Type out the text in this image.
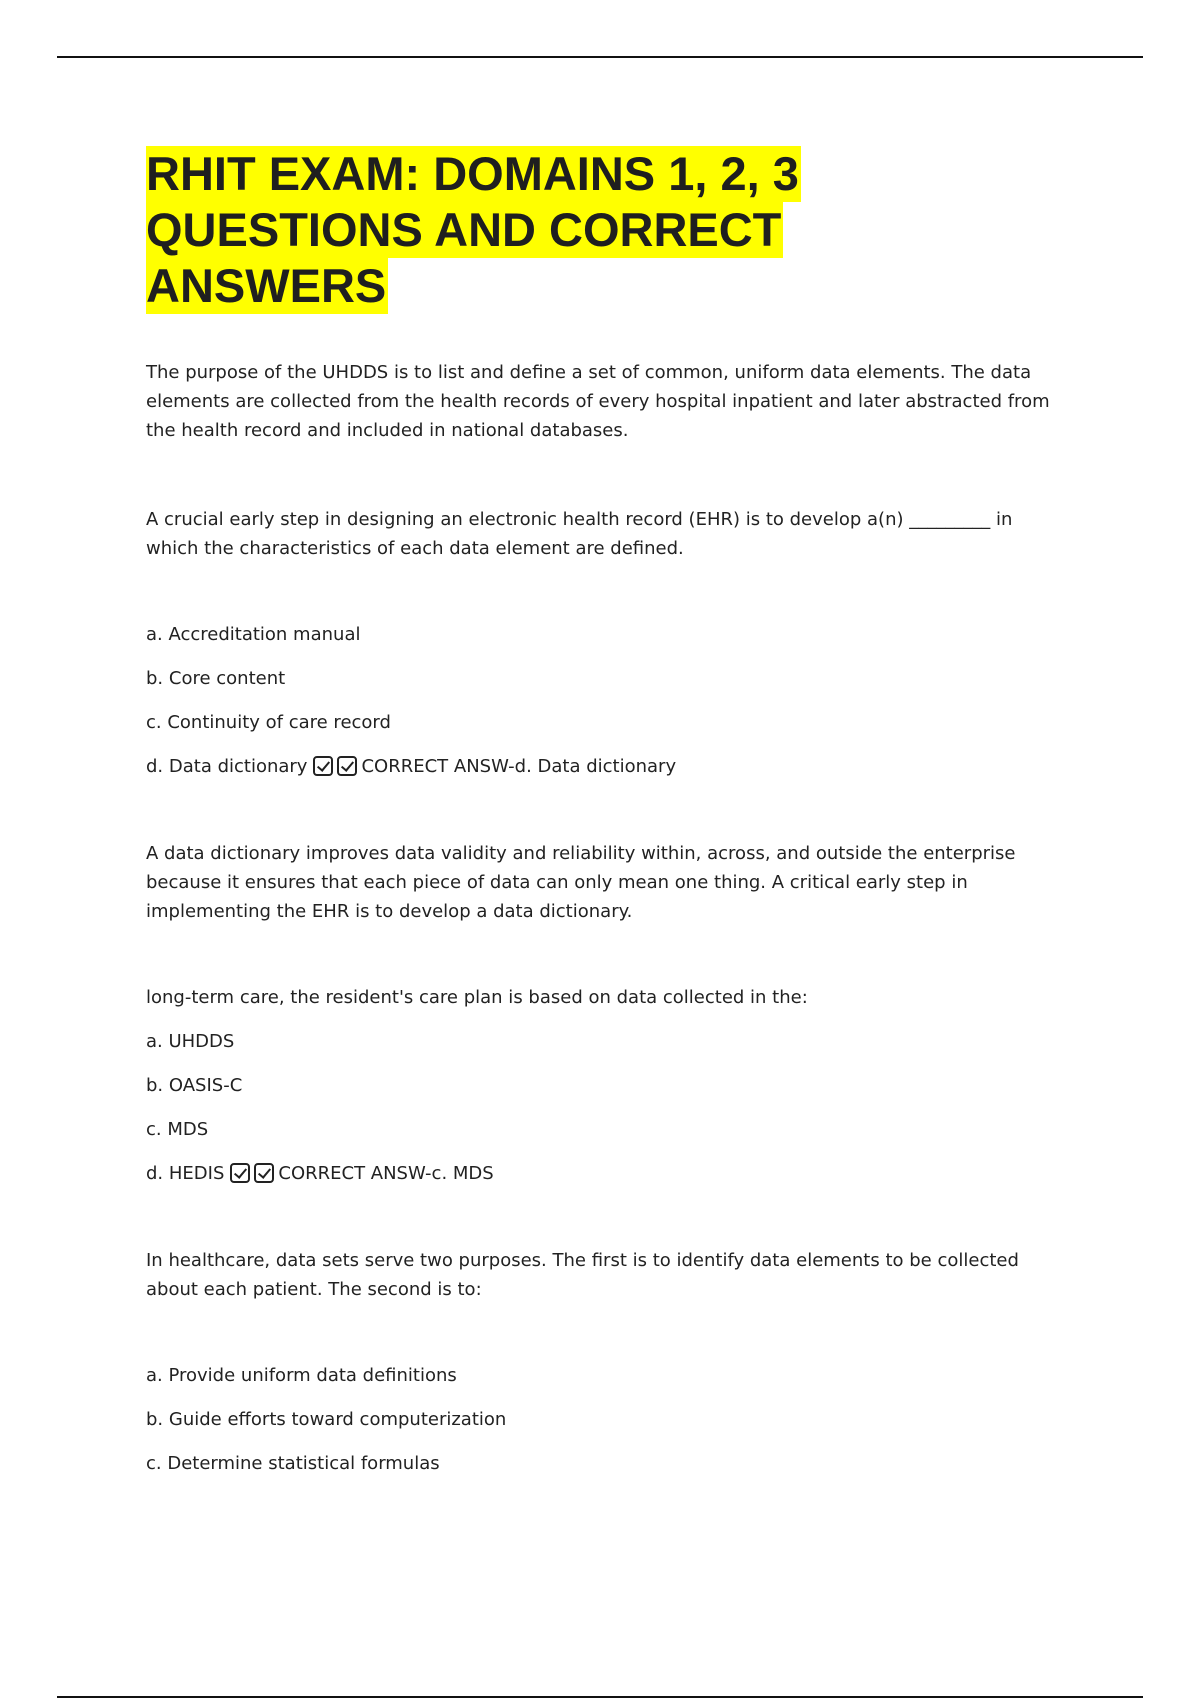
RHIT EXAM: DOMAINS 1, 2, 3
QUESTIONS AND CORRECT
ANSWERS

The purpose of the UHDDS is to list and define a set of common, uniform data elements. The data elements are collected from the health records of every hospital inpatient and later abstracted from the health record and included in national databases.

A crucial early step in designing an electronic health record (EHR) is to develop a(n) _________ in which the characteristics of each data element are defined.

a. Accreditation manual

b. Core content

c. Continuity of care record

d. Data dictionary	CORRECT ANSW-d. Data dictionary

A data dictionary improves data validity and reliability within, across, and outside the enterprise because it ensures that each piece of data can only mean one thing. A critical early step in implementing the EHR is to develop a data dictionary.

long-term care, the resident's care plan is based on data collected in the:

a. UHDDS

b. OASIS-C

c. MDS

d. HEDIS	CORRECT ANSW-c. MDS

In healthcare, data sets serve two purposes. The first is to identify data elements to be collected about each patient. The second is to:

a. Provide uniform data definitions

b. Guide efforts toward computerization

c. Determine statistical formulas
